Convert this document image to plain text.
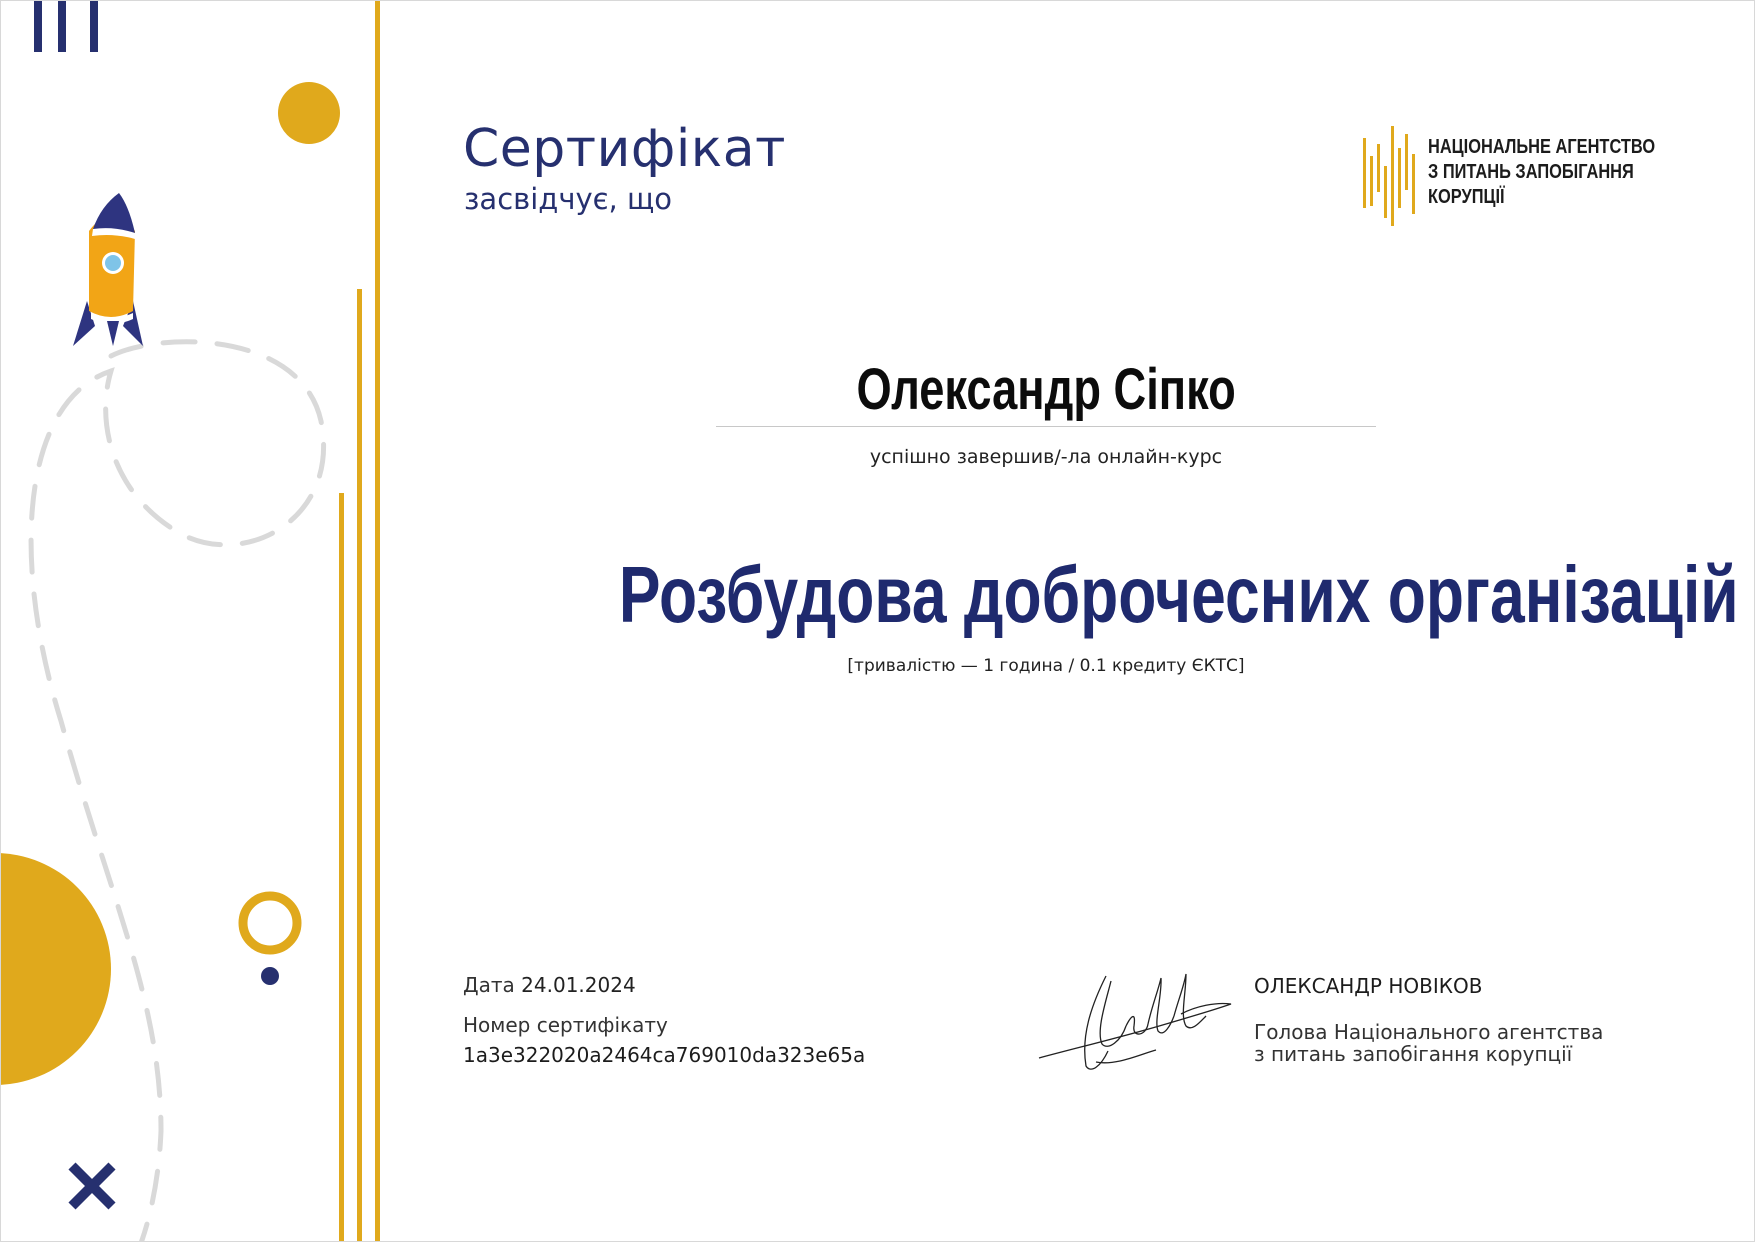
Сертифікат
засвідчує, що
НАЦІОНАЛЬНЕ АГЕНТСТВО
З ПИТАНЬ ЗАПОБІГАННЯ
КОРУПЦІЇ
Олександр Сіпко
успішно завершив/-ла онлайн-курс
Розбудова доброчесних організацій
[тривалістю — 1 година / 0.1 кредиту ЄКТС]
Дата 24.01.2024
Номер сертифікату
1a3e322020a2464ca769010da323e65a
ОЛЕКСАНДР НОВІКОВ
Голова Національного агентства
з питань запобігання корупції
